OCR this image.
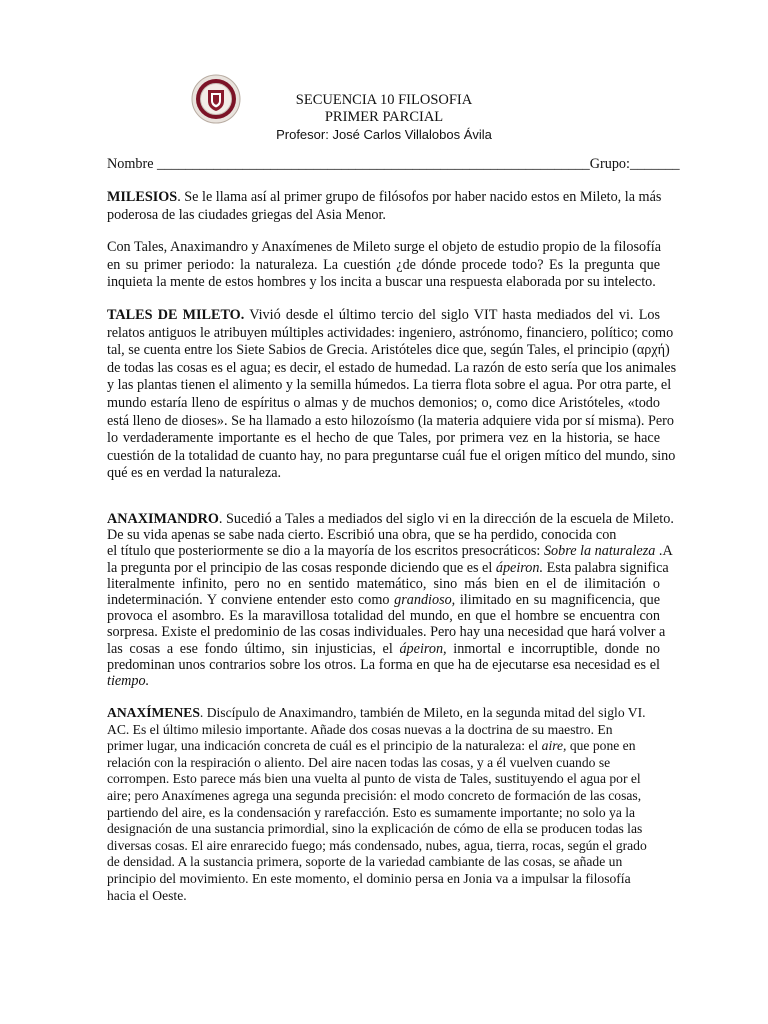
SECUENCIA 10 FILOSOFIA
PRIMER PARCIAL
Profesor: José Carlos Villalobos Ávila
Nombre _____________________________________________________________Grupo:_______
MILESIOS. Se le llama así al primer grupo de filósofos por haber nacido estos en Mileto, la más
poderosa de las ciudades griegas del Asia Menor.
Con Tales, Anaximandro y Anaxímenes de Mileto surge el objeto de estudio propio de la filosofía
en su primer periodo: la naturaleza. La cuestión ¿de dónde procede todo? Es la pregunta que
inquieta la mente de estos hombres y los incita a buscar una respuesta elaborada por su intelecto.
TALES DE MILETO. Vivió desde el último tercio del siglo VIT hasta mediados del vi. Los
relatos antiguos le atribuyen múltiples actividades: ingeniero, astrónomo, financiero, político; como
tal, se cuenta entre los Siete Sabios de Grecia. Aristóteles dice que, según Tales, el principio (αρχή)
de todas las cosas es el agua; es decir, el estado de humedad. La razón de esto sería que los animales
y las plantas tienen el alimento y la semilla húmedos. La tierra flota sobre el agua. Por otra parte, el
mundo estaría lleno de espíritus o almas y de muchos demonios; o, como dice Aristóteles, «todo
está lleno de dioses». Se ha llamado a esto hilozoísmo (la materia adquiere vida por sí misma). Pero
lo verdaderamente importante es el hecho de que Tales, por primera vez en la historia, se hace
cuestión de la totalidad de cuanto hay, no para preguntarse cuál fue el origen mítico del mundo, sino
qué es en verdad la naturaleza.
ANAXIMANDRO. Sucedió a Tales a mediados del siglo vi en la dirección de la escuela de Mileto.
De su vida apenas se sabe nada cierto. Escribió una obra, que se ha perdido, conocida con
el título que posteriormente se dio a la mayoría de los escritos presocráticos: Sobre la naturaleza .A
la pregunta por el principio de las cosas responde diciendo que es el ápeiron. Esta palabra significa
literalmente infinito, pero no en sentido matemático, sino más bien en el de ilimitación o
indeterminación. Y conviene entender esto como grandioso, ilimitado en su magnificencia, que
provoca el asombro. Es la maravillosa totalidad del mundo, en que el hombre se encuentra con
sorpresa. Existe el predominio de las cosas individuales. Pero hay una necesidad que hará volver a
las cosas a ese fondo último, sin injusticias, el ápeiron, inmortal e incorruptible, donde no
predominan unos contrarios sobre los otros. La forma en que ha de ejecutarse esa necesidad es el
tiempo.
ANAXÍMENES. Discípulo de Anaximandro, también de Mileto, en la segunda mitad del siglo VI.
AC. Es el último milesio importante. Añade dos cosas nuevas a la doctrina de su maestro. En
primer lugar, una indicación concreta de cuál es el principio de la naturaleza: el aire, que pone en
relación con la respiración o aliento. Del aire nacen todas las cosas, y a él vuelven cuando se
corrompen. Esto parece más bien una vuelta al punto de vista de Tales, sustituyendo el agua por el
aire; pero Anaxímenes agrega una segunda precisión: el modo concreto de formación de las cosas,
partiendo del aire, es la condensación y rarefacción. Esto es sumamente importante; no solo ya la
designación de una sustancia primordial, sino la explicación de cómo de ella se producen todas las
diversas cosas. El aire enrarecido fuego; más condensado, nubes, agua, tierra, rocas, según el grado
de densidad. A la sustancia primera, soporte de la variedad cambiante de las cosas, se añade un
principio del movimiento. En este momento, el dominio persa en Jonia va a impulsar la filosofía
hacia el Oeste.
